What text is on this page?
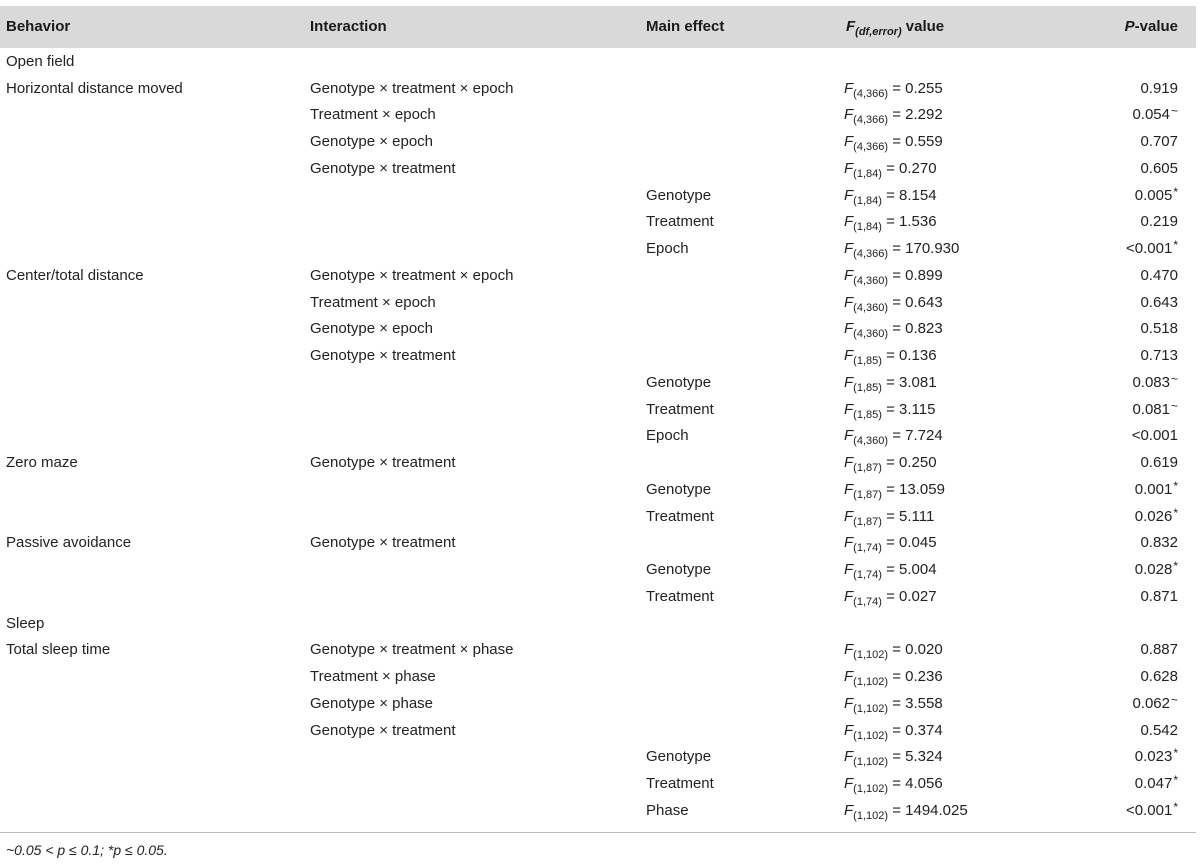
Behavior	Interaction	Main effect	$F_{(df,error)}$ value	P-value
Open field				
Horizontal distance moved	Genotype × treatment × epoch		$F_{(4,366)} = 0.255$	0.919
	Treatment × epoch		$F_{(4,366)} = 2.292$	0.054~
	Genotype × epoch		$F_{(4,366)} = 0.559$	0.707
	Genotype × treatment		$F_{(1,84)} = 0.270$	0.605
		Genotype	$F_{(1,84)} = 8.154$	0.005*
		Treatment	$F_{(1,84)} = 1.536$	0.219
		Epoch	$F_{(4,366)} = 170.930$	<0.001*
Center/total distance	Genotype × treatment × epoch		$F_{(4,360)} = 0.899$	0.470
	Treatment × epoch		$F_{(4,360)} = 0.643$	0.643
	Genotype × epoch		$F_{(4,360)} = 0.823$	0.518
	Genotype × treatment		$F_{(1,85)} = 0.136$	0.713
		Genotype	$F_{(1,85)} = 3.081$	0.083~
		Treatment	$F_{(1,85)} = 3.115$	0.081~
		Epoch	$F_{(4,360)} = 7.724$	<0.001
Zero maze	Genotype × treatment		$F_{(1,87)} = 0.250$	0.619
		Genotype	$F_{(1,87)} = 13.059$	0.001*
		Treatment	$F_{(1,87)} = 5.111$	0.026*
Passive avoidance	Genotype × treatment		$F_{(1,74)} = 0.045$	0.832
		Genotype	$F_{(1,74)} = 5.004$	0.028*
		Treatment	$F_{(1,74)} = 0.027$	0.871
Sleep				
Total sleep time	Genotype × treatment × phase		$F_{(1,102)} = 0.020$	0.887
	Treatment × phase		$F_{(1,102)} = 0.236$	0.628
	Genotype × phase		$F_{(1,102)} = 3.558$	0.062~
	Genotype × treatment		$F_{(1,102)} = 0.374$	0.542
		Genotype	$F_{(1,102)} = 5.324$	0.023*
		Treatment	$F_{(1,102)} = 4.056$	0.047*
		Phase	$F_{(1,102)} = 1494.025$	<0.001*
~0.05 < p ≤ 0.1; *p ≤ 0.05.
